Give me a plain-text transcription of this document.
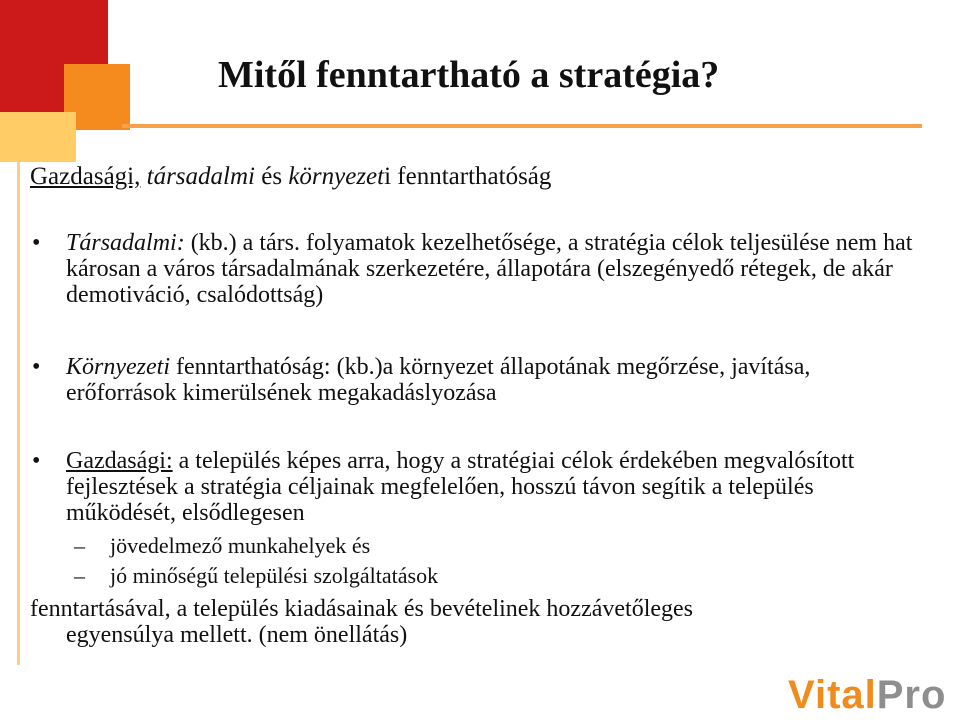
Mitől fenntartható a stratégia?
Gazdasági, társadalmi és környezeti fenntarthatóság
• Társadalmi: (kb.) a társ. folyamatok kezelhetősége, a stratégia célok teljesülése nem hat károsan a város társadalmának szerkezetére, állapotára (elszegényedő rétegek, de akár demotiváció, csalódottság)
• Környezeti fenntarthatóság: (kb.)a környezet állapotának megőrzése, javítása, erőforrások kimerülsének megakadáslyozása
• Gazdasági: a település képes arra, hogy a stratégiai célok érdekében megvalósított fejlesztések a stratégia céljainak megfelelően, hosszú távon segítik a település működését, elsődlegesen
– jövedelmező munkahelyek és
– jó minőségű települési szolgáltatások
fenntartásával, a település kiadásainak és bevételinek hozzávetőleges
egyensúlya mellett. (nem önellátás)
VitalPro
